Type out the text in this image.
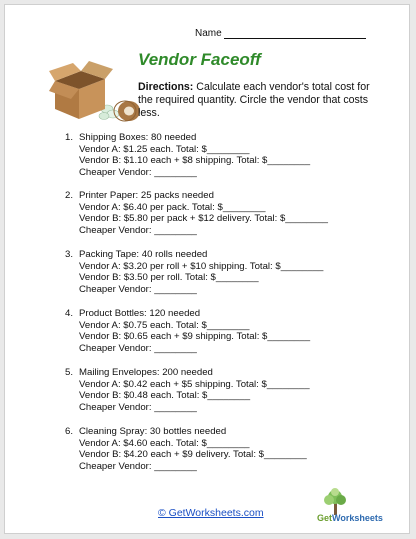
Name
Vendor Faceoff
Directions: Calculate each vendor's total cost for the required quantity. Circle the vendor that costs less.
1. Shipping Boxes: 80 needed
Vendor A: $1.25 each. Total: $________
Vendor B: $1.10 each + $8 shipping. Total: $________
Cheaper Vendor: ________
2. Printer Paper: 25 packs needed
Vendor A: $6.40 per pack. Total: $________
Vendor B: $5.80 per pack + $12 delivery. Total: $________
Cheaper Vendor: ________
3. Packing Tape: 40 rolls needed
Vendor A: $3.20 per roll + $10 shipping. Total: $________
Vendor B: $3.50 per roll. Total: $________
Cheaper Vendor: ________
4. Product Bottles: 120 needed
Vendor A: $0.75 each. Total: $________
Vendor B: $0.65 each + $9 shipping. Total: $________
Cheaper Vendor: ________
5. Mailing Envelopes: 200 needed
Vendor A: $0.42 each + $5 shipping. Total: $________
Vendor B: $0.48 each. Total: $________
Cheaper Vendor: ________
6. Cleaning Spray: 30 bottles needed
Vendor A: $4.60 each. Total: $________
Vendor B: $4.20 each + $9 delivery. Total: $________
Cheaper Vendor: ________
© GetWorksheets.com	GetWorksheets
